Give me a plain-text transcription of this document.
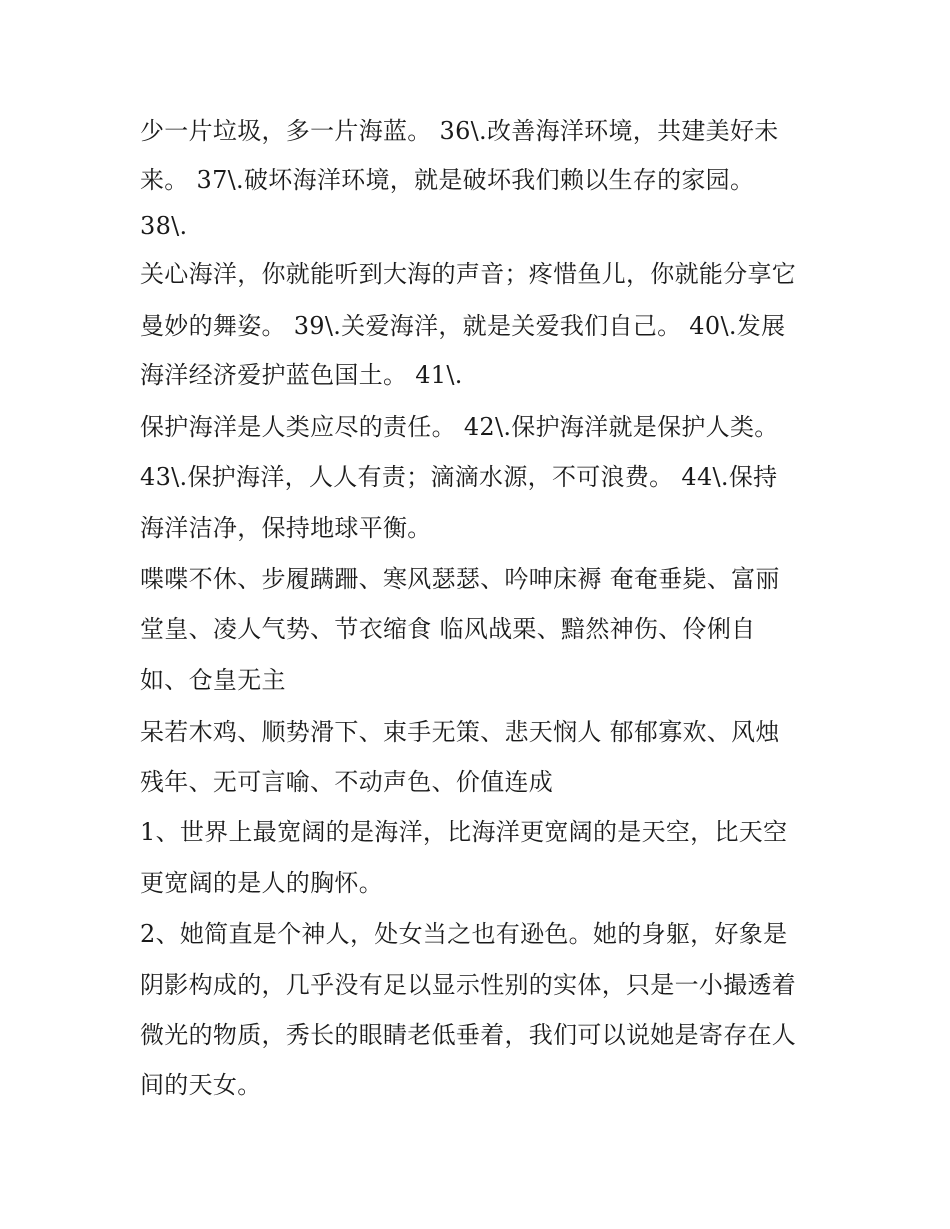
少一片垃圾，多一片海蓝。 36\.改善海洋环境，共建美好未
来。 37\.破坏海洋环境，就是破坏我们赖以生存的家园。
38\.
关心海洋，你就能听到大海的声音；疼惜鱼儿，你就能分享它
曼妙的舞姿。 39\.关爱海洋，就是关爱我们自己。 40\.发展
海洋经济爱护蓝色国土。 41\.
保护海洋是人类应尽的责任。 42\.保护海洋就是保护人类。
43\.保护海洋，人人有责；滴滴水源，不可浪费。 44\.保持
海洋洁净，保持地球平衡。
喋喋不休、步履蹒跚、寒风瑟瑟、吟呻床褥 奄奄垂毙、富丽
堂皇、凌人气势、节衣缩食 临风战栗、黯然神伤、伶俐自
如、仓皇无主
呆若木鸡、顺势滑下、束手无策、悲天悯人 郁郁寡欢、风烛
残年、无可言喻、不动声色、价值连成
1、世界上最宽阔的是海洋，比海洋更宽阔的是天空，比天空
更宽阔的是人的胸怀。
2、她简直是个神人，处女当之也有逊色。她的身躯，好象是
阴影构成的，几乎没有足以显示性别的实体，只是一小撮透着
微光的物质，秀长的眼睛老低垂着，我们可以说她是寄存在人
间的天女。
